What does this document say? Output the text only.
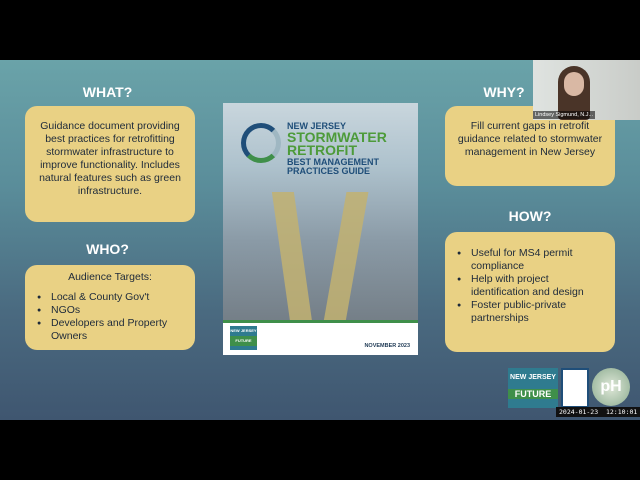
WHAT?
Guidance document providing best practices for retrofitting stormwater infrastructure to improve functionality. Includes natural features such as green infrastructure.
WHO?
Audience Targets:
● Local & County Gov't
● NGOs
● Developers and Property Owners
NEW JERSEY
STORMWATER
RETROFIT
BEST MANAGEMENT
PRACTICES GUIDE
NEW JERSEY
FUTURE
NOVEMBER 2023
WHY?
Fill current gaps in retrofit guidance related to stormwater management in New Jersey
HOW?
● Useful for MS4 permit compliance
● Help with project identification and design
● Foster public-private partnerships
NEW JERSEY
FUTURE	pH
Lindsey Sigmund, N.J...
2024-01-23  12:10:01
